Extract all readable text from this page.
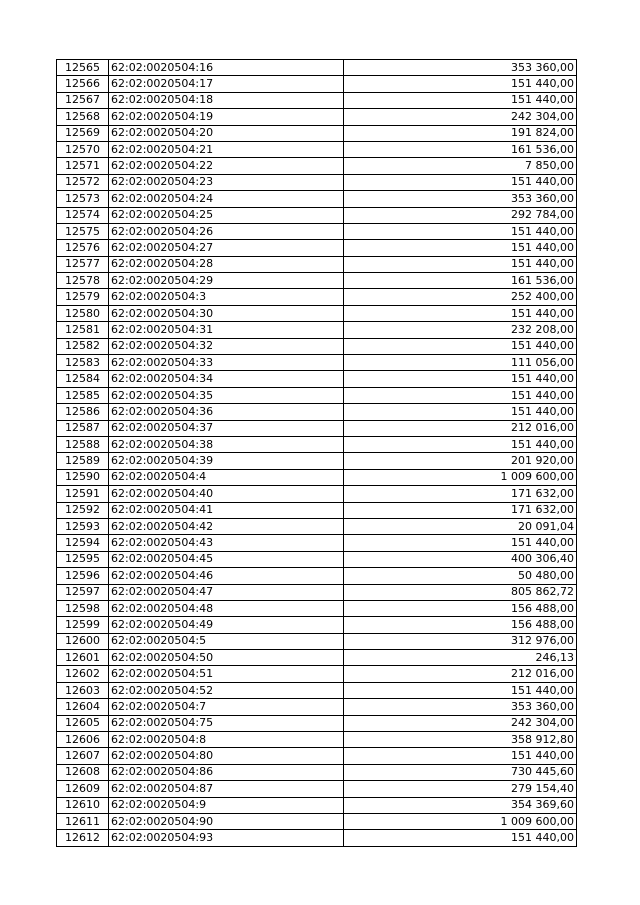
12565	62:02:0020504:16	353 360,00
12566	62:02:0020504:17	151 440,00
12567	62:02:0020504:18	151 440,00
12568	62:02:0020504:19	242 304,00
12569	62:02:0020504:20	191 824,00
12570	62:02:0020504:21	161 536,00
12571	62:02:0020504:22	7 850,00
12572	62:02:0020504:23	151 440,00
12573	62:02:0020504:24	353 360,00
12574	62:02:0020504:25	292 784,00
12575	62:02:0020504:26	151 440,00
12576	62:02:0020504:27	151 440,00
12577	62:02:0020504:28	151 440,00
12578	62:02:0020504:29	161 536,00
12579	62:02:0020504:3	252 400,00
12580	62:02:0020504:30	151 440,00
12581	62:02:0020504:31	232 208,00
12582	62:02:0020504:32	151 440,00
12583	62:02:0020504:33	111 056,00
12584	62:02:0020504:34	151 440,00
12585	62:02:0020504:35	151 440,00
12586	62:02:0020504:36	151 440,00
12587	62:02:0020504:37	212 016,00
12588	62:02:0020504:38	151 440,00
12589	62:02:0020504:39	201 920,00
12590	62:02:0020504:4	1 009 600,00
12591	62:02:0020504:40	171 632,00
12592	62:02:0020504:41	171 632,00
12593	62:02:0020504:42	20 091,04
12594	62:02:0020504:43	151 440,00
12595	62:02:0020504:45	400 306,40
12596	62:02:0020504:46	50 480,00
12597	62:02:0020504:47	805 862,72
12598	62:02:0020504:48	156 488,00
12599	62:02:0020504:49	156 488,00
12600	62:02:0020504:5	312 976,00
12601	62:02:0020504:50	246,13
12602	62:02:0020504:51	212 016,00
12603	62:02:0020504:52	151 440,00
12604	62:02:0020504:7	353 360,00
12605	62:02:0020504:75	242 304,00
12606	62:02:0020504:8	358 912,80
12607	62:02:0020504:80	151 440,00
12608	62:02:0020504:86	730 445,60
12609	62:02:0020504:87	279 154,40
12610	62:02:0020504:9	354 369,60
12611	62:02:0020504:90	1 009 600,00
12612	62:02:0020504:93	151 440,00
